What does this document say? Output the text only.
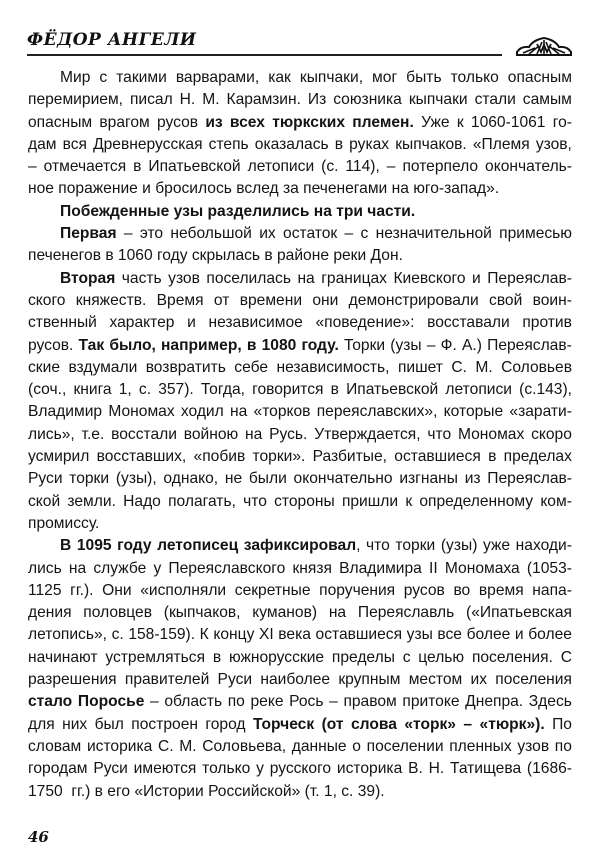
ФЁДОР АНГЕЛИ
Мир с такими варварами, как кыпчаки, мог быть только опасным
перемирием, писал Н. М. Карамзин. Из союзника кыпчаки стали самым
опасным врагом русов из всех тюркских племен. Уже к 1060-1061 го-
дам вся Древнерусская степь оказалась в руках кыпчаков. «Племя узов,
– отмечается в Ипатьевской летописи (с. 114), – потерпело окончатель-
ное поражение и бросилось вслед за печенегами на юго-запад».
Побежденные узы разделились на три части.
Первая – это небольшой их остаток – с незначительной примесью
печенегов в 1060 году скрылась в районе реки Дон.
Вторая часть узов поселилась на границах Киевского и Переяслав-
ского княжеств. Время от времени они демонстрировали свой воин-
ственный характер и независимое «поведение»: восставали против
русов. Так было, например, в 1080 году. Торки (узы – Ф. А.) Переяслав-
ские вздумали возвратить себе независимость, пишет С. М. Соловьев
(соч., книга 1, с. 357). Тогда, говорится в Ипатьевской летописи (с.143),
Владимир Мономах ходил на «торков переяславских», которые «зарати-
лись», т.е. восстали войною на Русь. Утверждается, что Мономах скоро
усмирил восставших, «побив торки». Разбитые, оставшиеся в пределах
Руси торки (узы), однако, не были окончательно изгнаны из Переяслав-
ской земли. Надо полагать, что стороны пришли к определенному ком-
промиссу.
В 1095 году летописец зафиксировал, что торки (узы) уже находи-
лись на службе у Переяславского князя Владимира II Мономаха (1053-
1125 гг.). Они «исполняли секретные поручения русов во время напа-
дения половцев (кыпчаков, куманов) на Переяславль («Ипатьевская
летопись», с. 158-159). К концу XI века оставшиеся узы все более и более
начинают устремляться в южнорусские пределы с целью поселения. С
разрешения правителей Руси наиболее крупным местом их поселения
стало Поросье – область по реке Рось – правом притоке Днепра. Здесь
для них был построен город Торческ (от слова «торк» – «тюрк»). По
словам историка С. М. Соловьева, данные о поселении пленных узов по
городам Руси имеются только у русского историка В. Н. Татищева (1686-
1750  гг.) в его «Истории Российской» (т. 1, с. 39).
46
